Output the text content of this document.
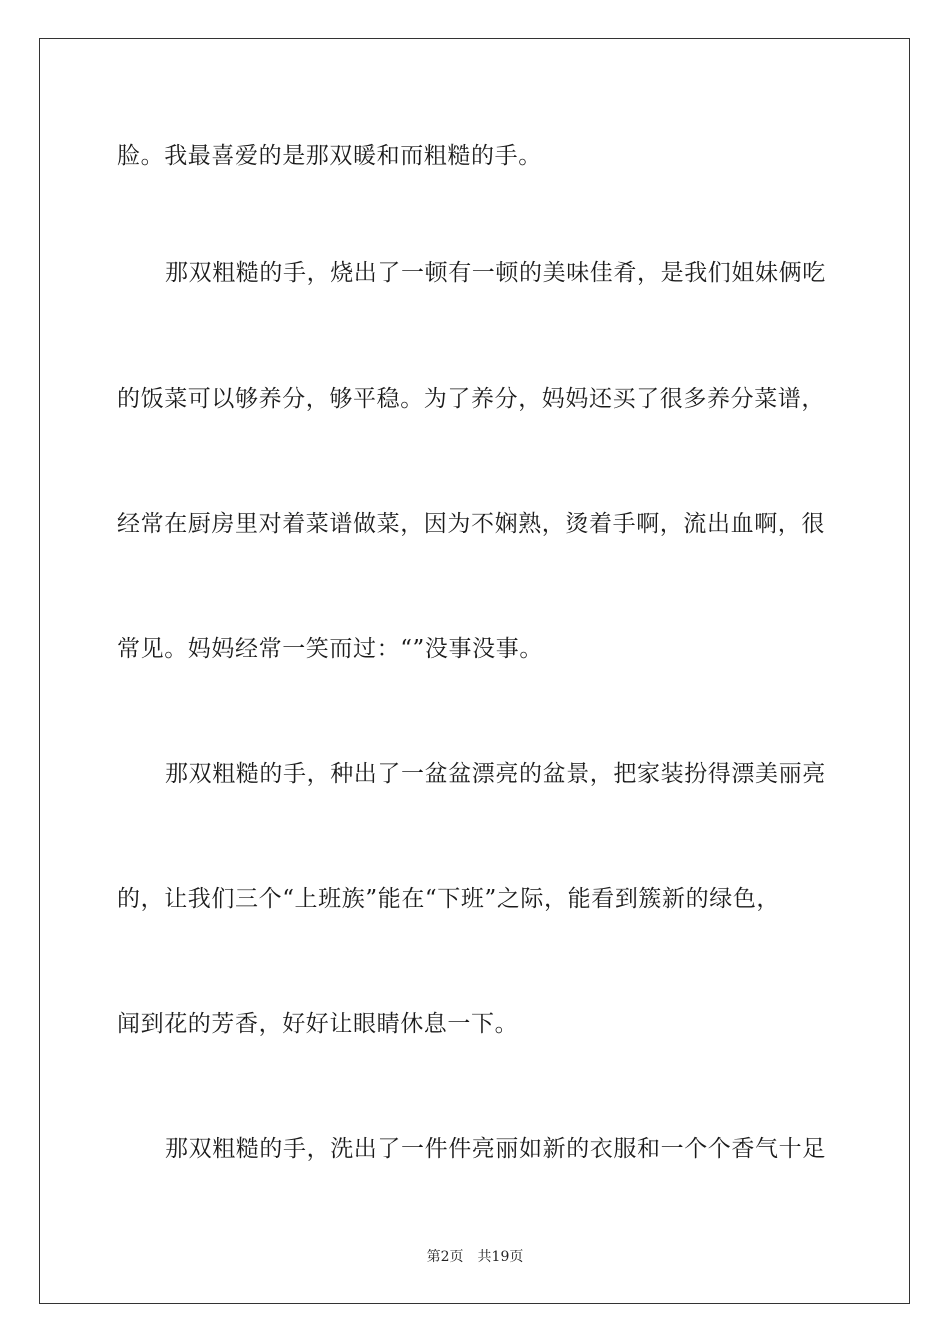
脸。我最喜爱的是那双暖和而粗糙的手。
那双粗糙的手，烧出了一顿有一顿的美味佳肴，是我们姐妹俩吃
的饭菜可以够养分，够平稳。为了养分，妈妈还买了很多养分菜谱，
经常在厨房里对着菜谱做菜，因为不娴熟，烫着手啊，流出血啊，很
常见。妈妈经常一笑而过：“”没事没事。
那双粗糙的手，种出了一盆盆漂亮的盆景，把家装扮得漂美丽亮
的，让我们三个“上班族”能在“下班”之际，能看到簇新的绿色，
闻到花的芳香，好好让眼睛休息一下。
那双粗糙的手，洗出了一件件亮丽如新的衣服和一个个香气十足
第2页 共19页
